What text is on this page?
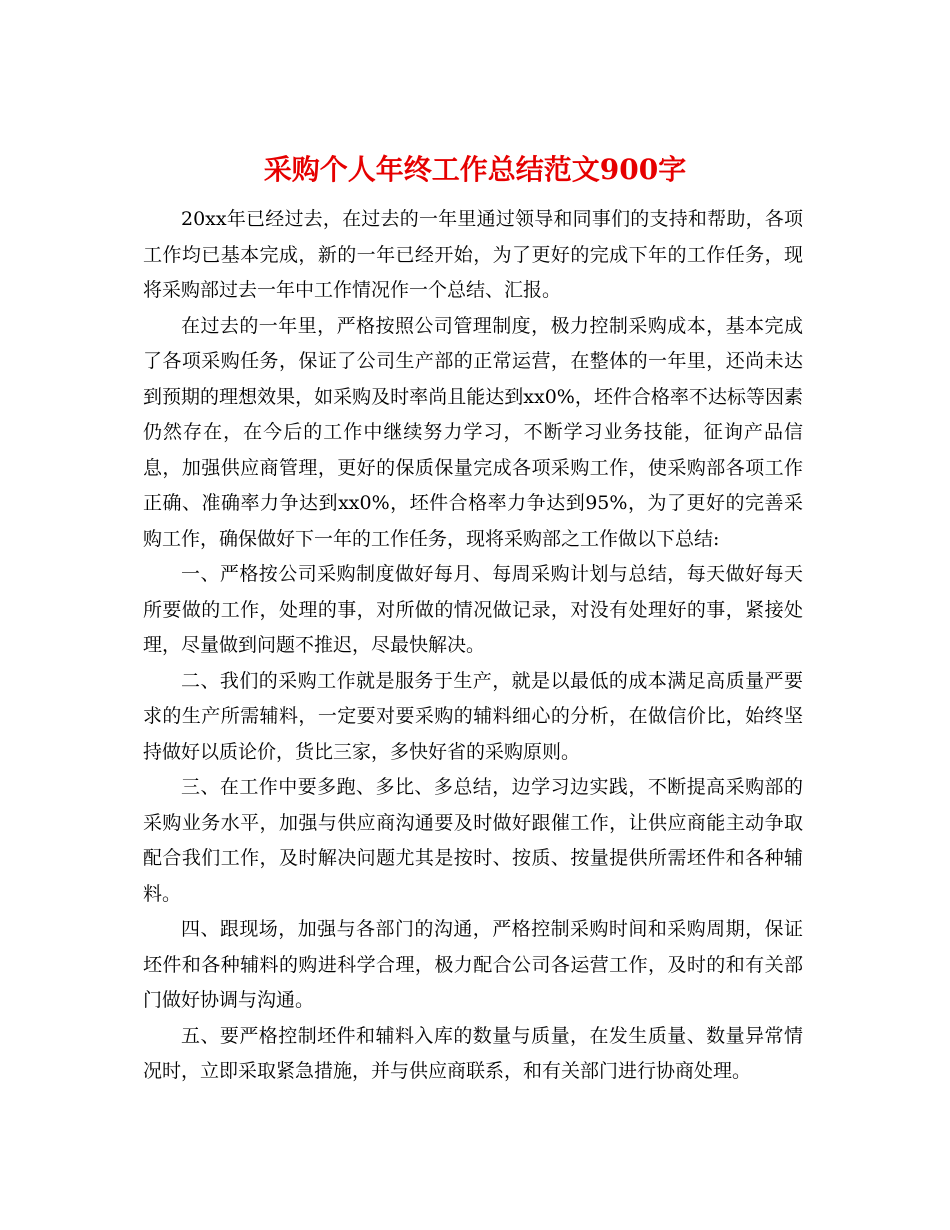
采购个人年终工作总结范文900字

20xx年已经过去，在过去的一年里通过领导和同事们的支持和帮助，各项工作均已基本完成，新的一年已经开始，为了更好的完成下年的工作任务，现将采购部过去一年中工作情况作一个总结、汇报。

在过去的一年里，严格按照公司管理制度，极力控制采购成本，基本完成了各项采购任务，保证了公司生产部的正常运营，在整体的一年里，还尚未达到预期的理想效果，如采购及时率尚且能达到xx0%，坯件合格率不达标等因素仍然存在，在今后的工作中继续努力学习，不断学习业务技能，征询产品信息，加强供应商管理，更好的保质保量完成各项采购工作，使采购部各项工作正确、准确率力争达到xx0%，坯件合格率力争达到95%，为了更好的完善采购工作，确保做好下一年的工作任务，现将采购部之工作做以下总结:

一、严格按公司采购制度做好每月、每周采购计划与总结，每天做好每天所要做的工作，处理的事，对所做的情况做记录，对没有处理好的事，紧接处理，尽量做到问题不推迟，尽最快解决。

二、我们的采购工作就是服务于生产，就是以最低的成本满足高质量严要求的生产所需辅料，一定要对要采购的辅料细心的分析，在做信价比，始终坚持做好以质论价，货比三家，多快好省的采购原则。

三、在工作中要多跑、多比、多总结，边学习边实践，不断提高采购部的采购业务水平，加强与供应商沟通要及时做好跟催工作，让供应商能主动争取配合我们工作，及时解决问题尤其是按时、按质、按量提供所需坯件和各种辅料。

四、跟现场，加强与各部门的沟通，严格控制采购时间和采购周期，保证坯件和各种辅料的购进科学合理，极力配合公司各运营工作，及时的和有关部门做好协调与沟通。

五、要严格控制坯件和辅料入库的数量与质量，在发生质量、数量异常情况时，立即采取紧急措施，并与供应商联系，和有关部门进行协商处理。
